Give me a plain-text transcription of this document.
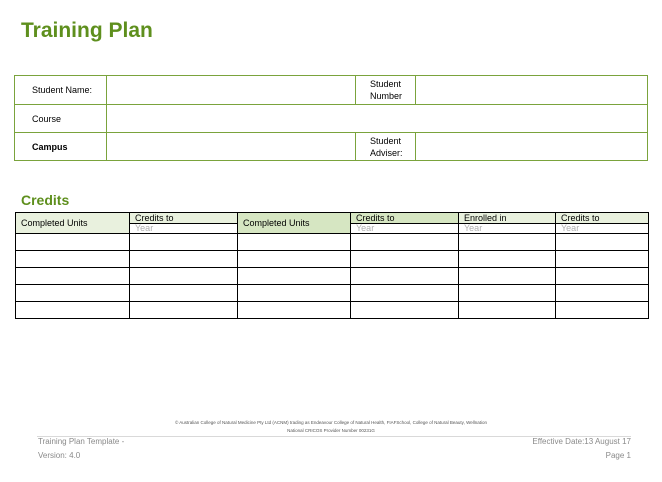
Training Plan
Student Name:		Student Number	
Course			
Campus		Student Adviser:	
Credits
Completed Units	Credits to	Completed Units	Credits to	Enrolled in	Credits to
	Year		Year	Year	Year

© Australian College of Natural Medicine Pty Ltd (ACNM) trading as Endeavour College of Natural Health, FIAFSchool, College of Natural Beauty, Wellnation
National CRICOS Provider Number 00231G
Training Plan Template -
Version: 4.0
Effective Date:13 August 17
Page 1
